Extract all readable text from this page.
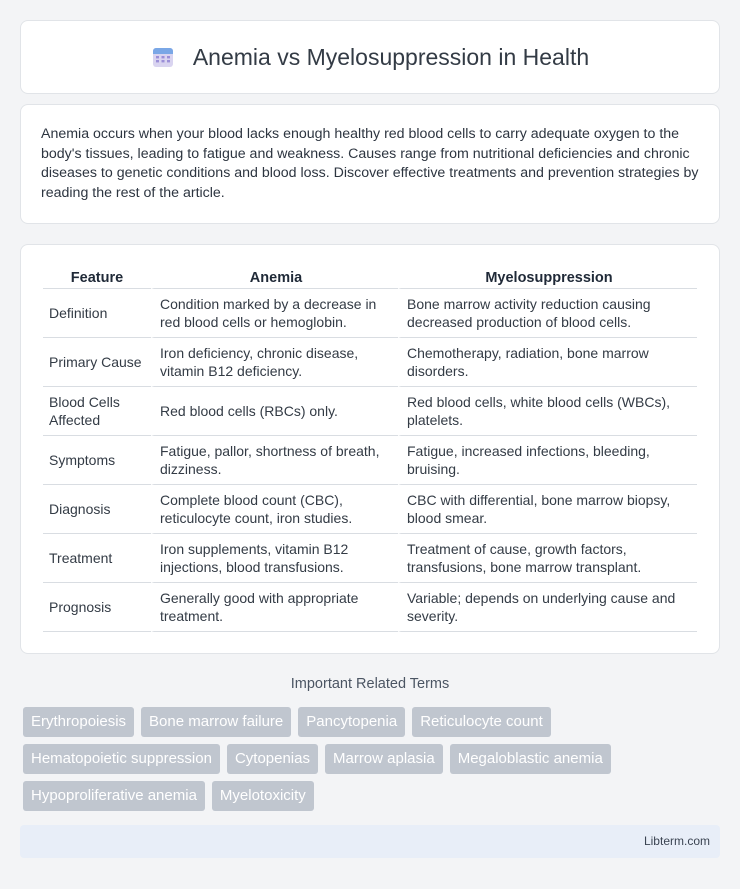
Anemia vs Myelosuppression in Health

Anemia occurs when your blood lacks enough healthy red blood cells to carry adequate oxygen to the body's tissues, leading to fatigue and weakness. Causes range from nutritional deficiencies and chronic diseases to genetic conditions and blood loss. Discover effective treatments and prevention strategies by reading the rest of the article.

Feature	Anemia	Myelosuppression
Definition	Condition marked by a decrease in red blood cells or hemoglobin.	Bone marrow activity reduction causing decreased production of blood cells.
Primary Cause	Iron deficiency, chronic disease, vitamin B12 deficiency.	Chemotherapy, radiation, bone marrow disorders.
Blood Cells Affected	Red blood cells (RBCs) only.	Red blood cells, white blood cells (WBCs), platelets.
Symptoms	Fatigue, pallor, shortness of breath, dizziness.	Fatigue, increased infections, bleeding, bruising.
Diagnosis	Complete blood count (CBC), reticulocyte count, iron studies.	CBC with differential, bone marrow biopsy, blood smear.
Treatment	Iron supplements, vitamin B12 injections, blood transfusions.	Treatment of cause, growth factors, transfusions, bone marrow transplant.
Prognosis	Generally good with appropriate treatment.	Variable; depends on underlying cause and severity.
Important Related Terms
Erythropoiesis	Bone marrow failure	Pancytopenia	Reticulocyte count
Hematopoietic suppression	Cytopenias	Marrow aplasia	Megaloblastic anemia
Hypoproliferative anemia	Myelotoxicity
Libterm.com
